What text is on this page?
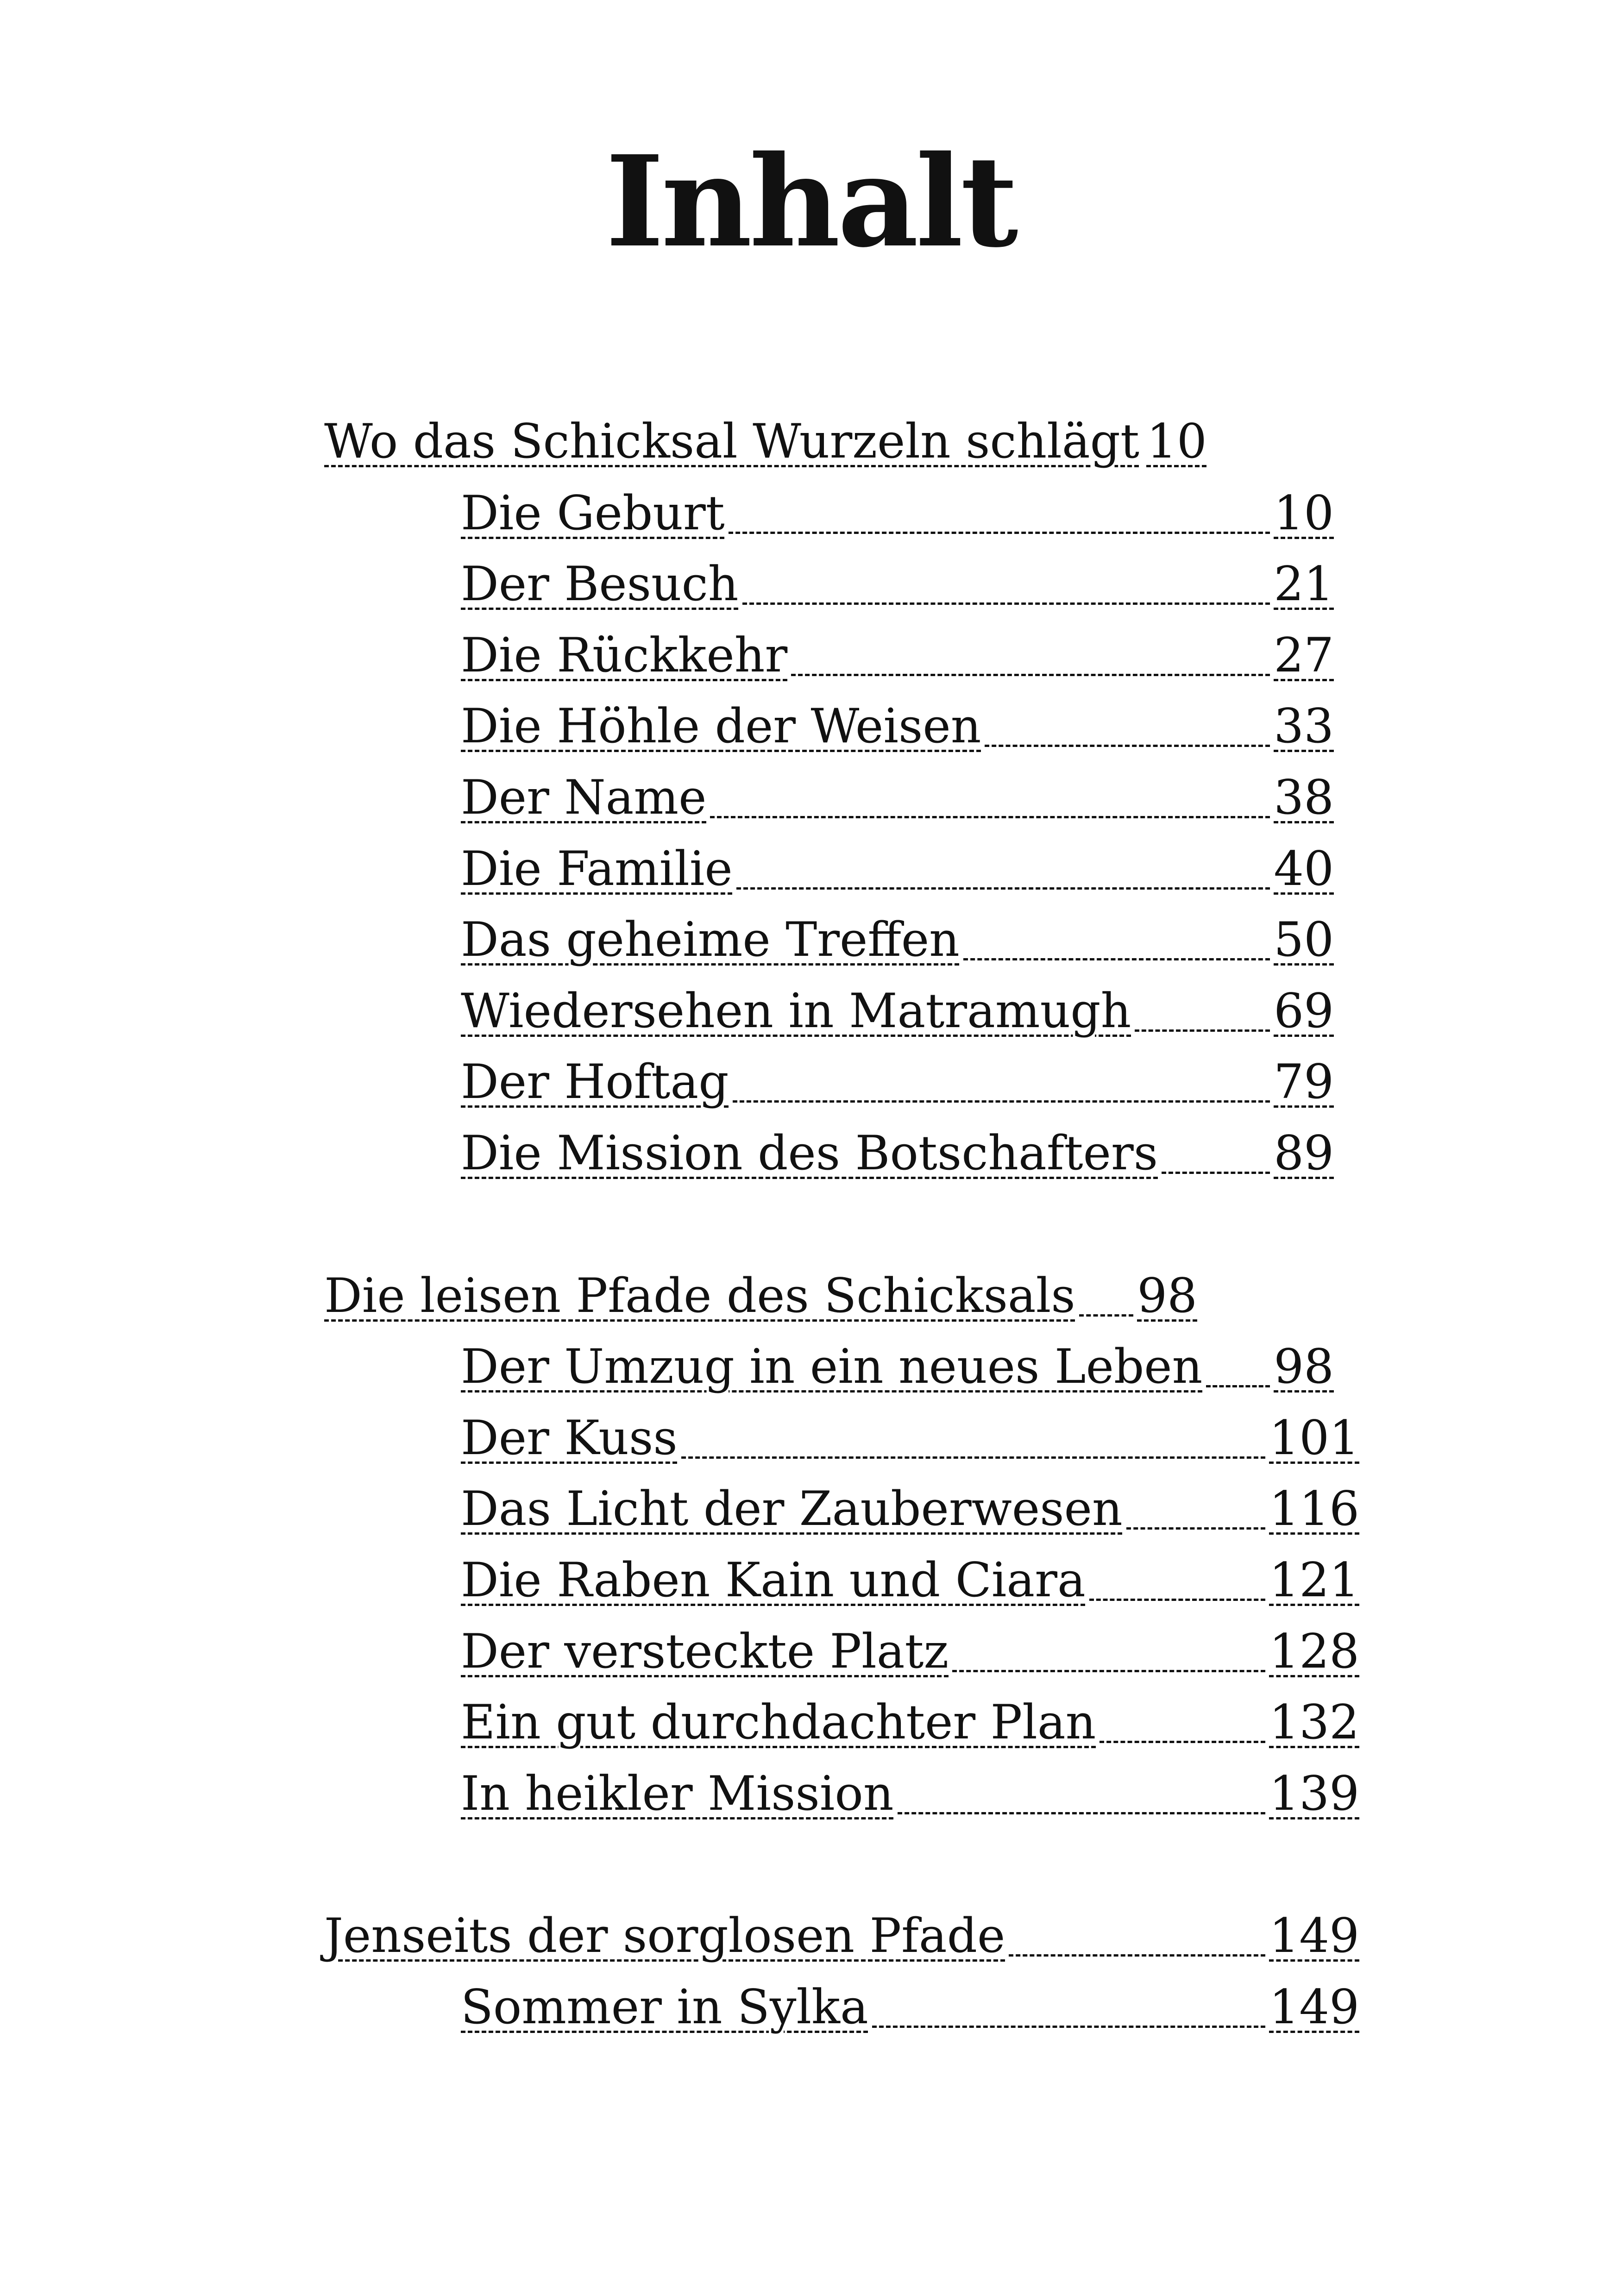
Inhalt
Wo das Schicksal Wurzeln schlägt 10
Die Geburt	10
Der Besuch	21
Die Rückkehr	27
Die Höhle der Weisen	33
Der Name	38
Die Familie	40
Das geheime Treffen	50
Wiedersehen in Matramugh	69
Der Hoftag	79
Die Mission des Botschafters 89
Die leisen Pfade des Schicksals 98
Der Umzug in ein neues Leben 98
Der Kuss	101
Das Licht der Zauberwesen	116
Die Raben Kain und Ciara	121
Der versteckte Platz	128
Ein gut durchdachter Plan	132
In heikler Mission	139
Jenseits der sorglosen Pfade	149
Sommer in Sylka	149
